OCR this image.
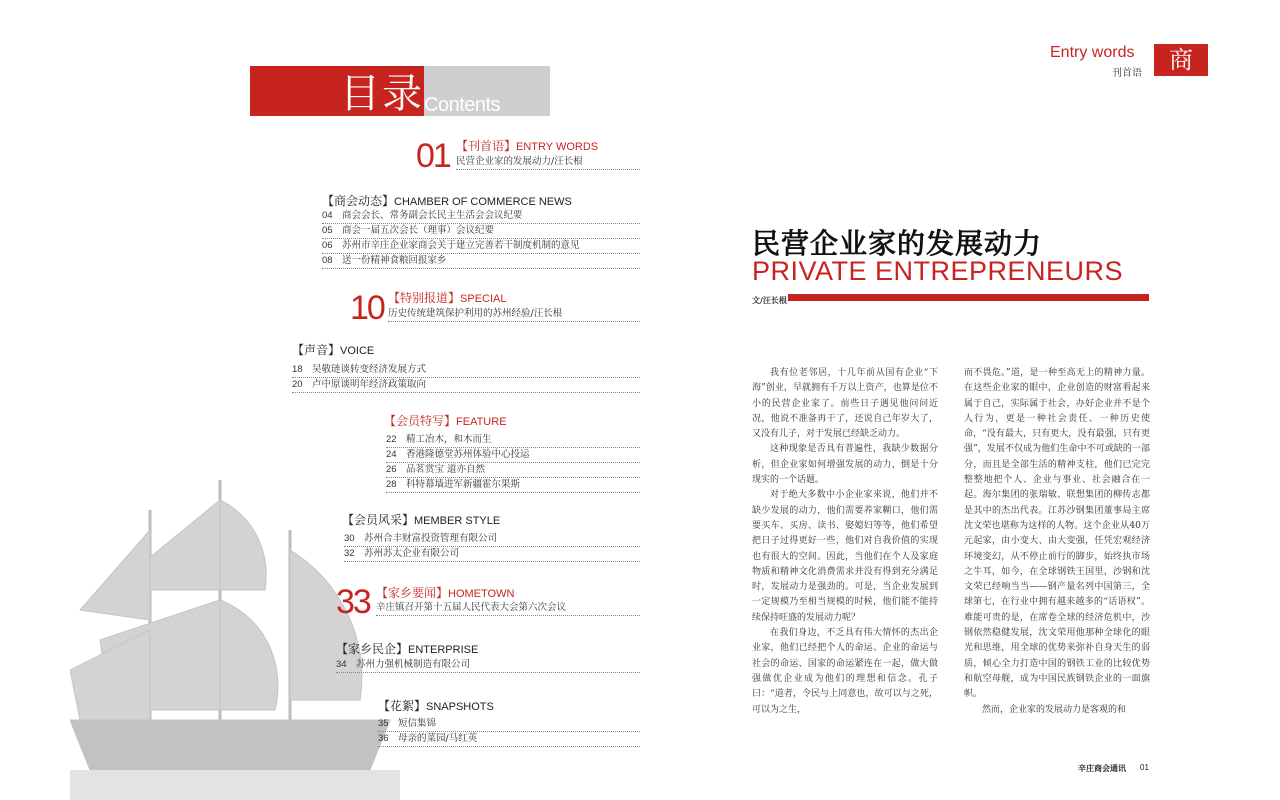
目录 Contents
01 【刊首语】ENTRY WORDS
民营企业家的发展动力/汪长根
【商会动态】CHAMBER OF COMMERCE NEWS
04 商会会长、常务副会长民主生活会会议纪要
05 商会一届五次会长（理事）会议纪要
06 苏州市辛庄企业家商会关于建立完善若干制度机制的意见
08 送一份精神食粮回报家乡
10 【特别报道】SPECIAL
历史传统建筑保护利用的苏州经验/汪长根
【声音】VOICE
18 吴敬琏谈转变经济发展方式
20 卢中原谈明年经济政策取向
【会员特写】FEATURE
22 精工冶木，和木而生
24 香港隆德堂苏州体验中心投运
26 品茗赏宝 道亦自然
28 科特幕墙进军新疆霍尔果斯
【会员风采】MEMBER STYLE
30 苏州合丰财富投资管理有限公司
32 苏州苏太企业有限公司
33 【家乡要闻】HOMETOWN
辛庄镇召开第十五届人民代表大会第六次会议
【家乡民企】ENTERPRISE
34 苏州力强机械制造有限公司
【花絮】SNAPSHOTS
35 短信集锦
36 母亲的菜园/马红英
Entry words
刊首语	商
民营企业家的发展动力
PRIVATE ENTREPRENEURS
文/汪长根

我有位老邻居，十几年前从国有企业“下海”创业，早就拥有千万以上资产，也算是位不小的民营企业家了。前些日子遇见他问问近况，他说不准备再干了，还说自己年岁大了，又没有儿子，对于发展已经缺乏动力。

这种现象是否具有普遍性，我缺少数据分析，但企业家如何增强发展的动力，倒是十分现实的一个话题。

对于绝大多数中小企业家来说，他们并不缺少发展的动力，他们需要养家糊口，他们需要买车、买房、读书、娶媳妇等等，他们希望把日子过得更好一些，他们对自我价值的实现也有很大的空间。因此，当他们在个人及家庭物质和精神文化消费需求并没有得到充分满足时，发展动力是强劲的。可是，当企业发展到一定规模乃至相当规模的时候，他们能不能持续保持旺盛的发展动力呢？

在我们身边，不乏具有伟大情怀的杰出企业家，他们已经把个人的命运、企业的命运与社会的命运、国家的命运紧连在一起，做大做强做优企业成为他们的理想和信念。孔子曰：“道者，令民与上同意也，故可以与之死，可以为之生，

而不畏危。”道，是一种至高无上的精神力量。在这些企业家的眼中，企业创造的财富看起来属于自己，实际属于社会，办好企业并不是个人行为，更是一种社会责任、一种历史使命，“没有最大，只有更大，没有最强，只有更强”，发展不仅成为他们生命中不可或缺的一部分，而且是全部生活的精神支柱，他们已完完整整地把个人、企业与事业、社会融合在一起。海尔集团的张瑞敏、联想集团的柳传志都是其中的杰出代表。江苏沙钢集团董事局主席沈文荣也堪称为这样的人物。这个企业从40万元起家，由小变大、由大变强，任凭宏观经济环境变幻，从不停止前行的脚步，始终执市场之牛耳，如今，在全球钢铁王国里，沙钢和沈文荣已经响当当——钢产量名列中国第三，全球第七，在行业中拥有越来越多的“话语权”。难能可贵的是，在席卷全球的经济危机中，沙钢依然稳健发展，沈文荣用他那种全球化的眼光和思维，用全球的优势来弥补自身天生的弱质，倾心全力打造中国的钢铁工业的比较优势和航空母舰，成为中国民族钢铁企业的一面旗帜。

然而，企业家的发展动力是客观的和

辛庄商会通讯 01
